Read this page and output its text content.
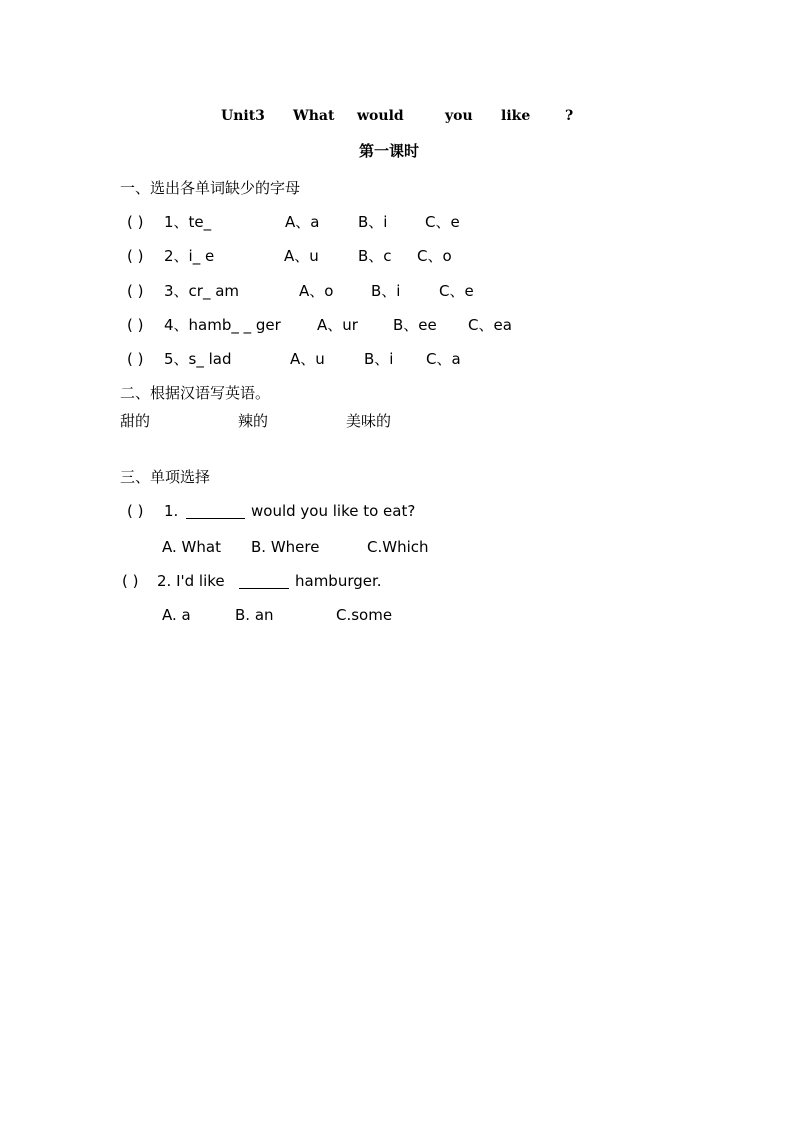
Unit3 What would	you like ?
第一课时
一、选出各单词缺少的字母
( ) 1、te_	A、a	B、i	C、e
( ) 2、i_ e	A、u	B、c C、o
( ) 3、cr_ am	A、o	B、i	C、e
( ) 4、hamb_ _ ger A、ur B、ee C、ea
( ) 5、s_ lad	A、u	B、i C、a
二、根据汉语写英语。
甜的	辣的	美味的
三、单项选择
( ) 1.	would you like to eat?
A. What B. Where	C.Which
( ) 2. I'd like	hamburger.
A. a	B. an	C.some
